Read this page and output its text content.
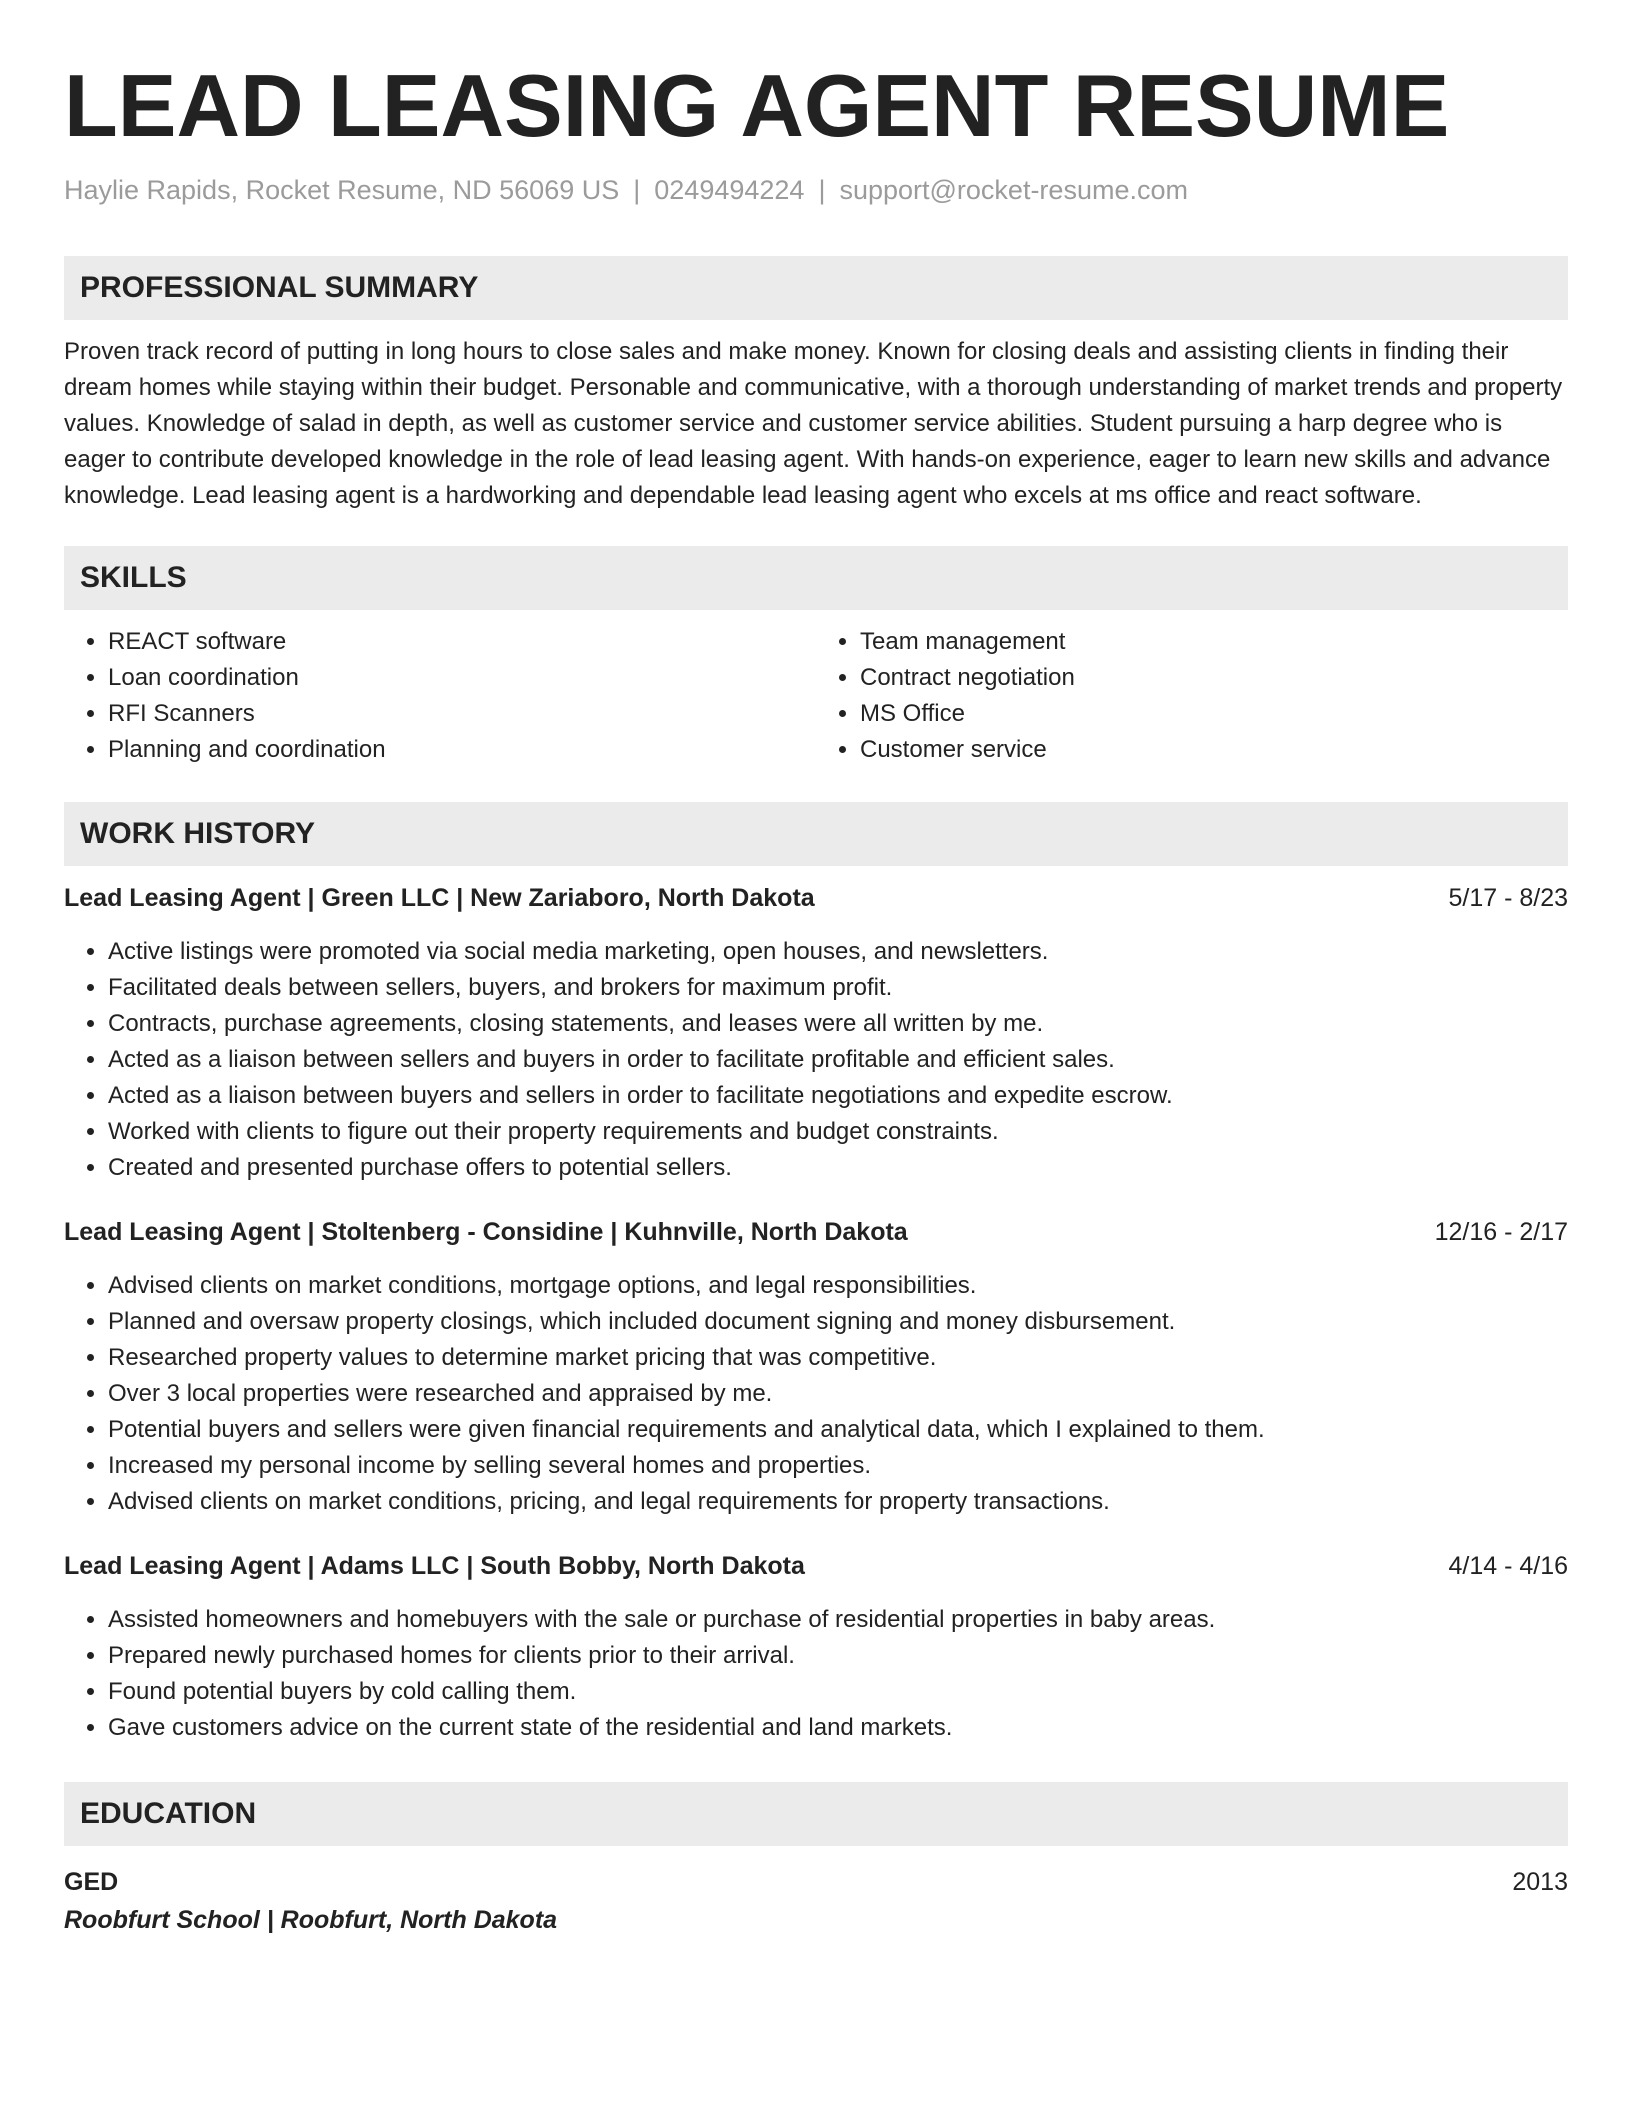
LEAD LEASING AGENT RESUME
Haylie Rapids, Rocket Resume, ND 56069 US | 0249494224 | support@rocket-resume.com
PROFESSIONAL SUMMARY
Proven track record of putting in long hours to close sales and make money. Known for closing deals and assisting clients in finding their dream homes while staying within their budget. Personable and communicative, with a thorough understanding of market trends and property values. Knowledge of salad in depth, as well as customer service and customer service abilities. Student pursuing a harp degree who is eager to contribute developed knowledge in the role of lead leasing agent. With hands-on experience, eager to learn new skills and advance knowledge. Lead leasing agent is a hardworking and dependable lead leasing agent who excels at ms office and react software.
SKILLS
• REACT software
• Loan coordination
• RFI Scanners
• Planning and coordination
• Team management
• Contract negotiation
• MS Office
• Customer service
WORK HISTORY
Lead Leasing Agent | Green LLC | New Zariaboro, North Dakota	5/17 - 8/23
• Active listings were promoted via social media marketing, open houses, and newsletters.
• Facilitated deals between sellers, buyers, and brokers for maximum profit.
• Contracts, purchase agreements, closing statements, and leases were all written by me.
• Acted as a liaison between sellers and buyers in order to facilitate profitable and efficient sales.
• Acted as a liaison between buyers and sellers in order to facilitate negotiations and expedite escrow.
• Worked with clients to figure out their property requirements and budget constraints.
• Created and presented purchase offers to potential sellers.
Lead Leasing Agent | Stoltenberg - Considine | Kuhnville, North Dakota	12/16 - 2/17
• Advised clients on market conditions, mortgage options, and legal responsibilities.
• Planned and oversaw property closings, which included document signing and money disbursement.
• Researched property values to determine market pricing that was competitive.
• Over 3 local properties were researched and appraised by me.
• Potential buyers and sellers were given financial requirements and analytical data, which I explained to them.
• Increased my personal income by selling several homes and properties.
• Advised clients on market conditions, pricing, and legal requirements for property transactions.
Lead Leasing Agent | Adams LLC | South Bobby, North Dakota	4/14 - 4/16
• Assisted homeowners and homebuyers with the sale or purchase of residential properties in baby areas.
• Prepared newly purchased homes for clients prior to their arrival.
• Found potential buyers by cold calling them.
• Gave customers advice on the current state of the residential and land markets.
EDUCATION
GED	2013
Roobfurt School | Roobfurt, North Dakota
